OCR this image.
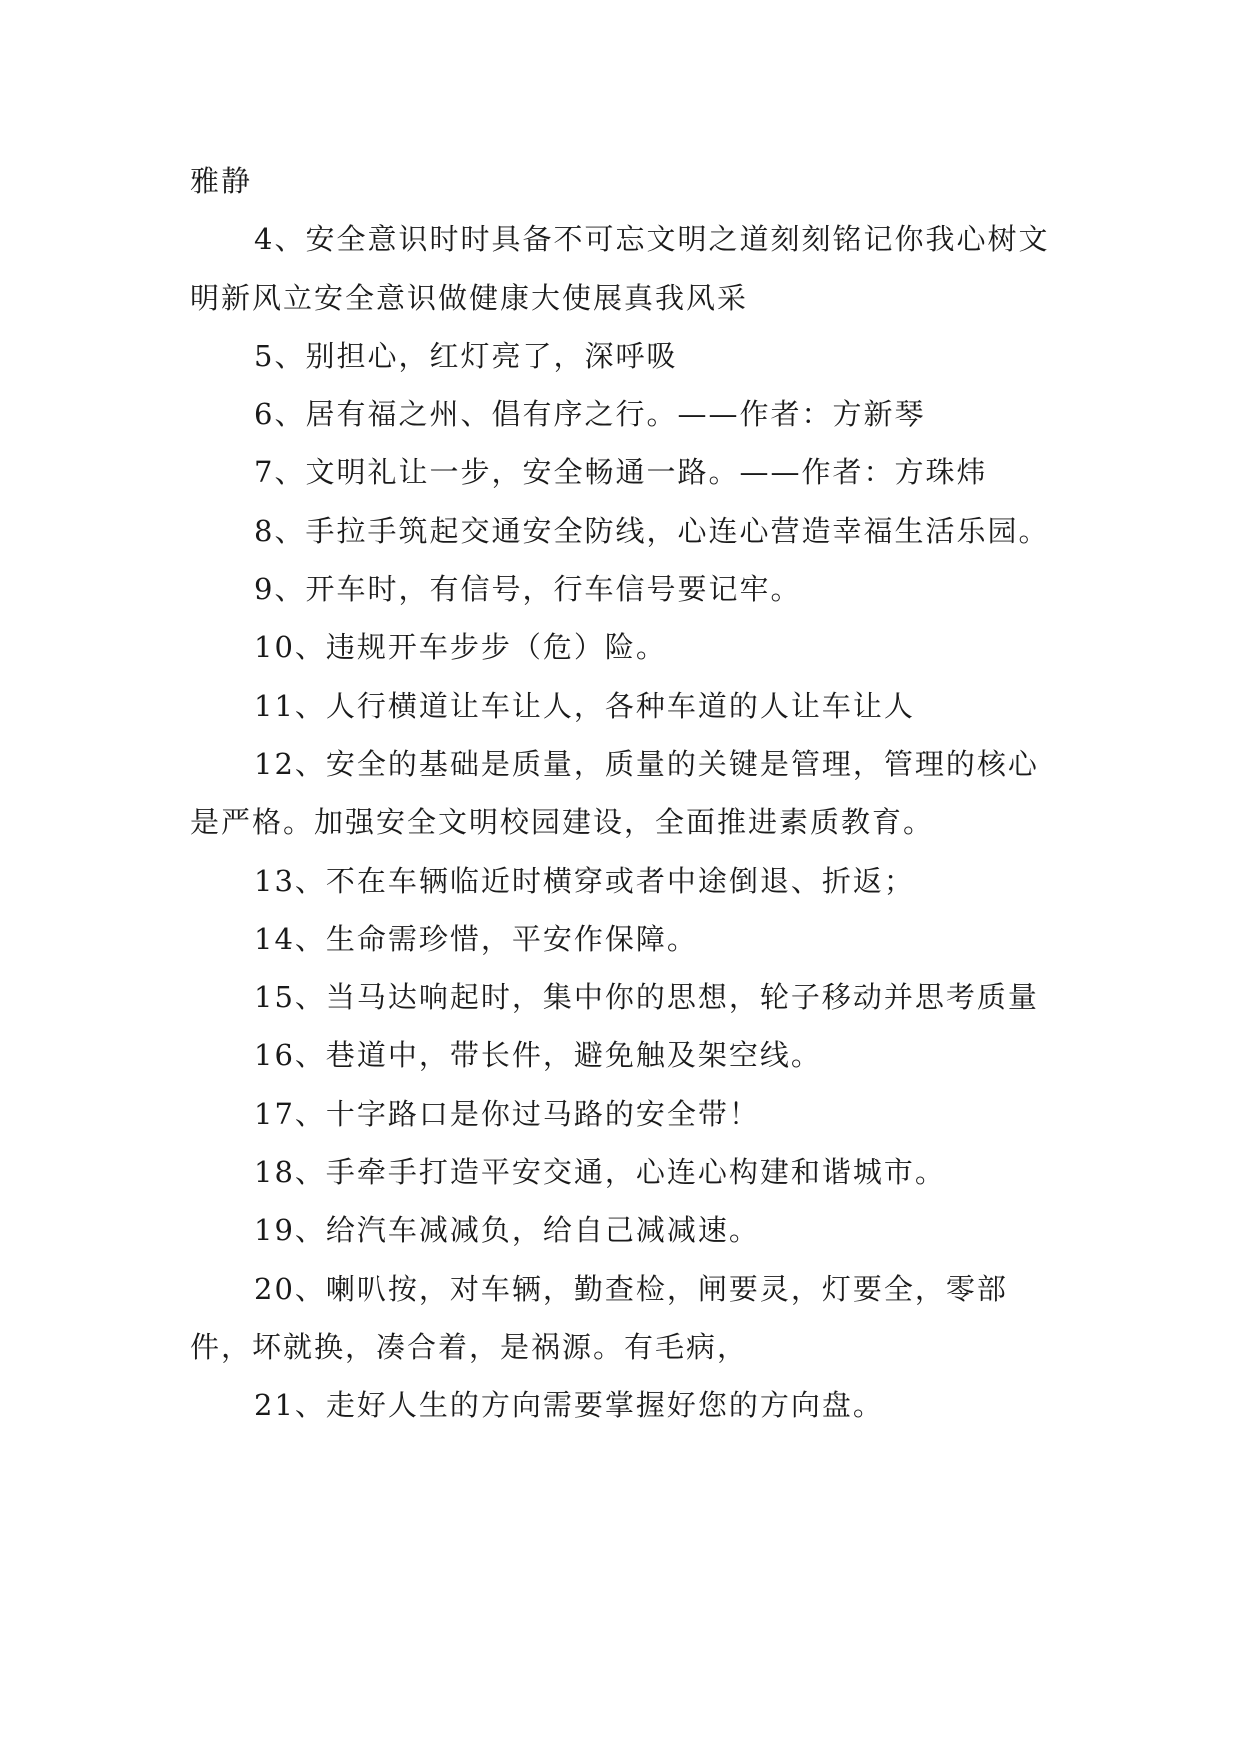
雅静

4、安全意识时时具备不可忘文明之道刻刻铭记你我心树文明新风立安全意识做健康大使展真我风采

5、别担心，红灯亮了，深呼吸

6、居有福之州、倡有序之行。——作者：方新琴

7、文明礼让一步，安全畅通一路。——作者：方珠炜

8、手拉手筑起交通安全防线，心连心营造幸福生活乐园。

9、开车时，有信号，行车信号要记牢。

10、违规开车步步（危）险。

11、人行横道让车让人，各种车道的人让车让人

12、安全的基础是质量，质量的关键是管理，管理的核心是严格。加强安全文明校园建设，全面推进素质教育。

13、不在车辆临近时横穿或者中途倒退、折返；

14、生命需珍惜，平安作保障。

15、当马达响起时，集中你的思想，轮子移动并思考质量

16、巷道中，带长件，避免触及架空线。

17、十字路口是你过马路的安全带！

18、手牵手打造平安交通，心连心构建和谐城市。

19、给汽车减减负，给自己减减速。

20、喇叭按，对车辆，勤查检，闸要灵，灯要全，零部件，坏就换，凑合着，是祸源。有毛病，

21、走好人生的方向需要掌握好您的方向盘。
